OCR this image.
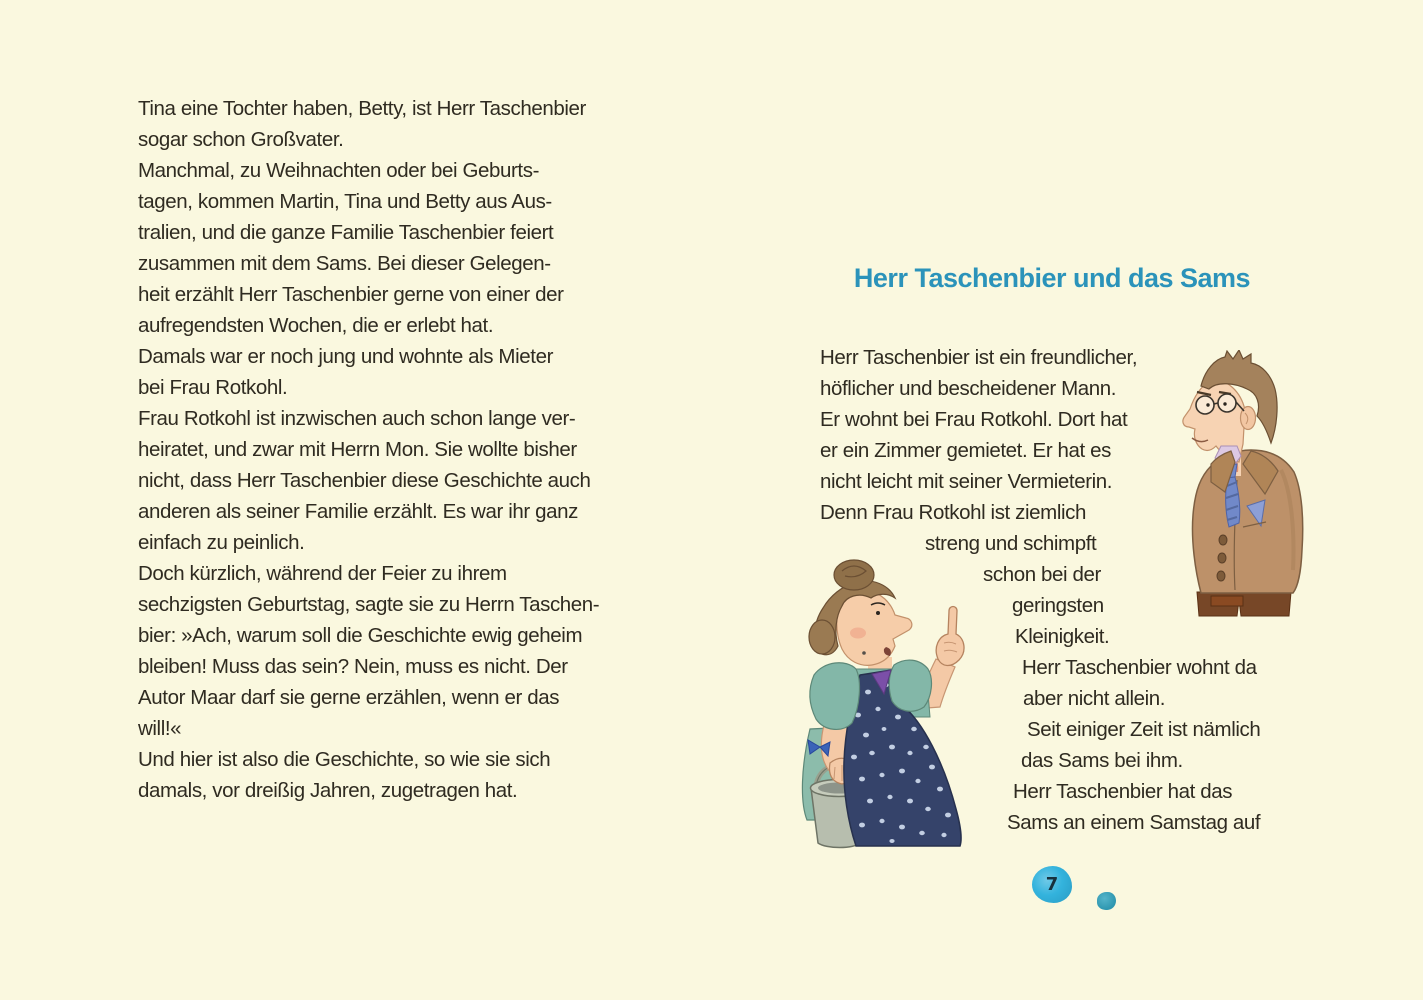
Tina eine Tochter haben, Betty, ist Herr Taschenbier
sogar schon Großvater.
Manchmal, zu Weihnachten oder bei Geburts-
tagen, kommen Martin, Tina und Betty aus Aus-
tralien, und die ganze Familie Taschenbier feiert
zusammen mit dem Sams. Bei dieser Gelegen-
heit erzählt Herr Taschenbier gerne von einer der
aufregendsten Wochen, die er erlebt hat.
Damals war er noch jung und wohnte als Mieter
bei Frau Rotkohl.
Frau Rotkohl ist inzwischen auch schon lange ver-
heiratet, und zwar mit Herrn Mon. Sie wollte bisher
nicht, dass Herr Taschenbier diese Geschichte auch
anderen als seiner Familie erzählt. Es war ihr ganz
einfach zu peinlich.
Doch kürzlich, während der Feier zu ihrem
sechzigsten Geburtstag, sagte sie zu Herrn Taschen-
bier: »Ach, warum soll die Geschichte ewig geheim
bleiben! Muss das sein? Nein, muss es nicht. Der
Autor Maar darf sie gerne erzählen, wenn er das
will!«
Und hier ist also die Geschichte, so wie sie sich
damals, vor dreißig Jahren, zugetragen hat.
Herr Taschenbier und das Sams
Herr Taschenbier ist ein freundlicher,
höflicher und bescheidener Mann.
Er wohnt bei Frau Rotkohl. Dort hat
er ein Zimmer gemietet. Er hat es
nicht leicht mit seiner Vermieterin.
Denn Frau Rotkohl ist ziemlich
streng und schimpft
schon bei der
geringsten
Kleinigkeit.
Herr Taschenbier wohnt da
aber nicht allein.
Seit einiger Zeit ist nämlich
das Sams bei ihm.
Herr Taschenbier hat das
Sams an einem Samstag auf
7
